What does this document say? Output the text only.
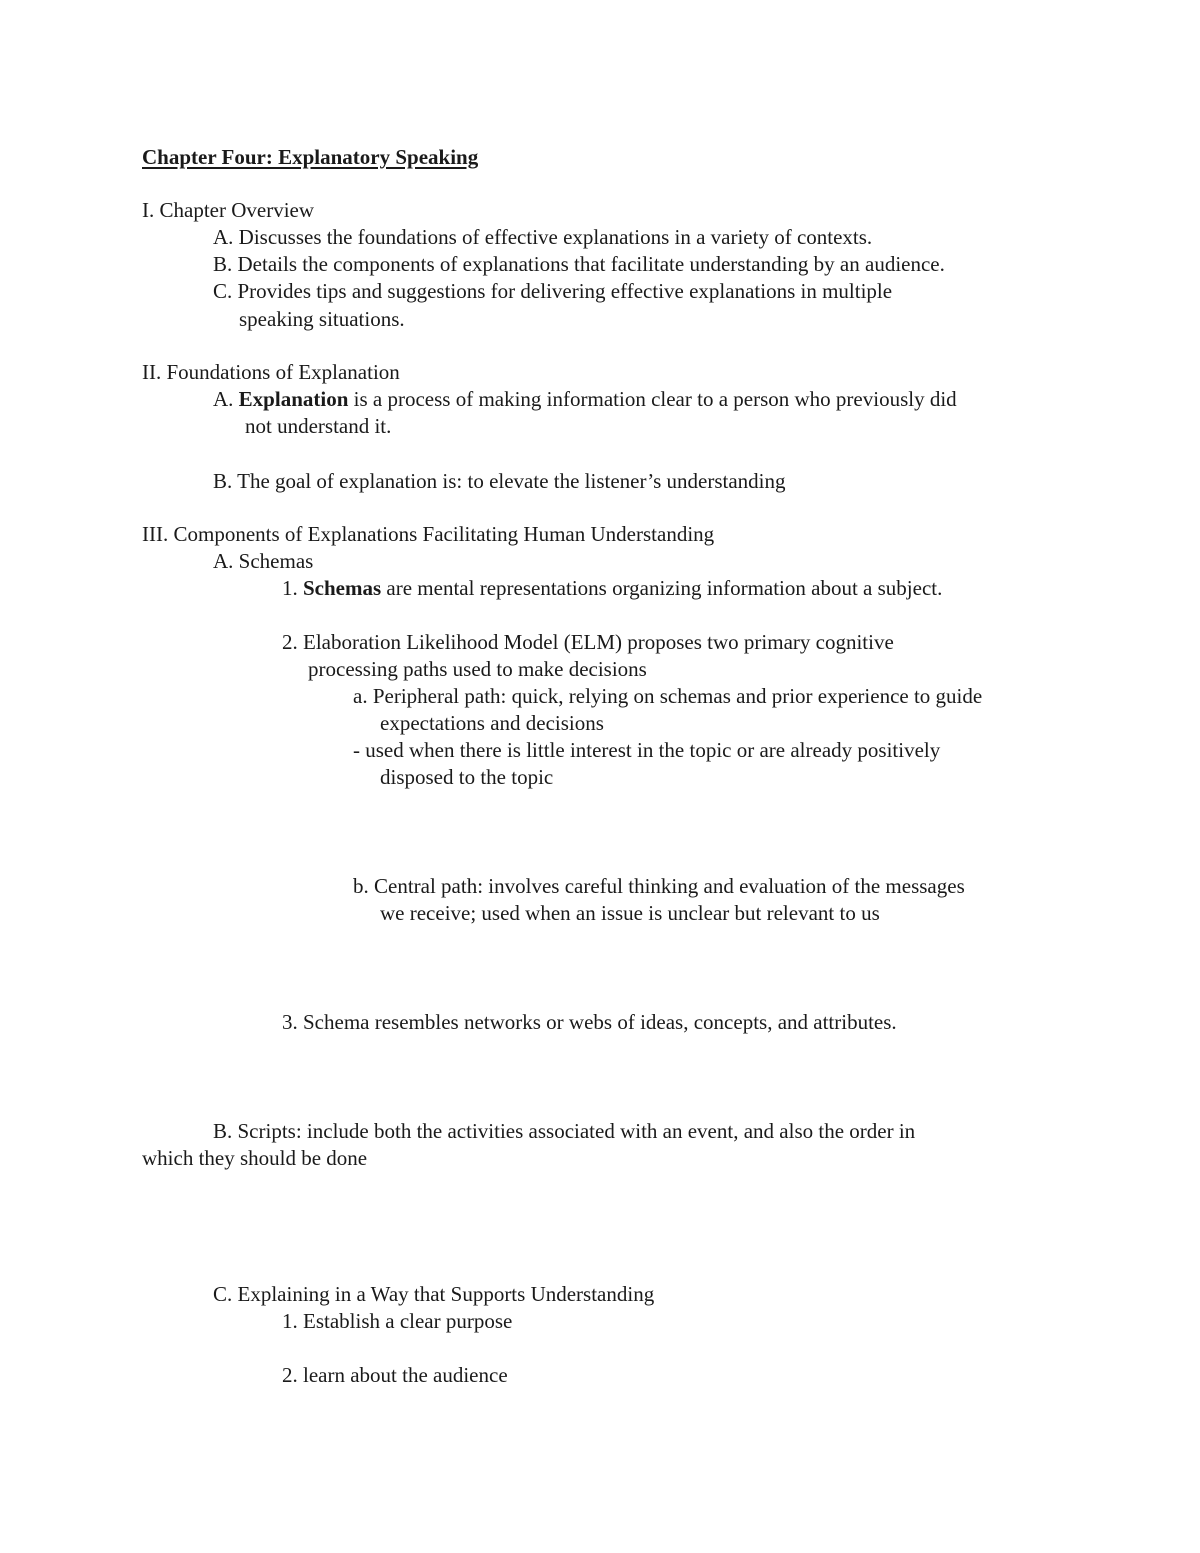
Chapter Four: Explanatory Speaking
I. Chapter Overview
A. Discusses the foundations of effective explanations in a variety of contexts.
B. Details the components of explanations that facilitate understanding by an audience.
C. Provides tips and suggestions for delivering effective explanations in multiple
speaking situations.
II. Foundations of Explanation
A. Explanation is a process of making information clear to a person who previously did
not understand it.
B. The goal of explanation is: to elevate the listener’s understanding
III. Components of Explanations Facilitating Human Understanding
A. Schemas
1. Schemas are mental representations organizing information about a subject.
2. Elaboration Likelihood Model (ELM) proposes two primary cognitive
processing paths used to make decisions
a. Peripheral path: quick, relying on schemas and prior experience to guide
expectations and decisions
- used when there is little interest in the topic or are already positively
disposed to the topic
b. Central path: involves careful thinking and evaluation of the messages
we receive; used when an issue is unclear but relevant to us
3. Schema resembles networks or webs of ideas, concepts, and attributes.
B. Scripts: include both the activities associated with an event, and also the order in
which they should be done
C. Explaining in a Way that Supports Understanding
1. Establish a clear purpose
2. learn about the audience
